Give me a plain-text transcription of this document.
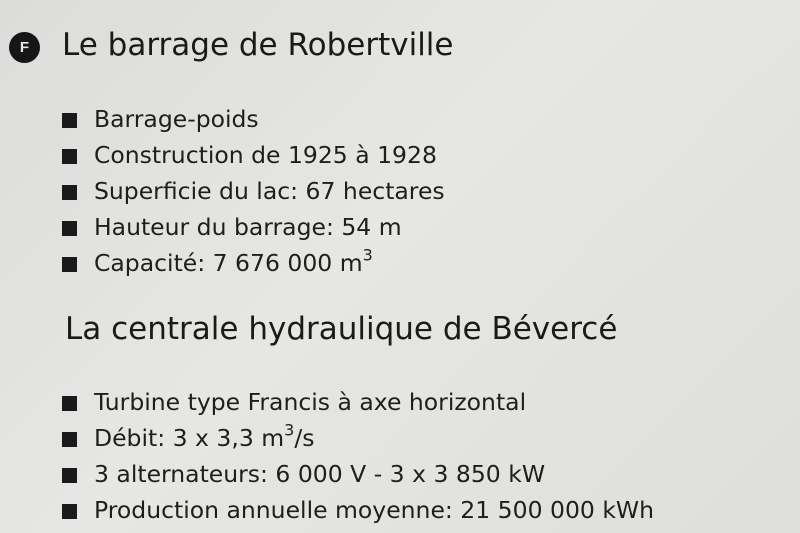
F	Le barrage de Robertville
Barrage-poids
Construction de 1925 à 1928
Superficie du lac: 67 hectares
Hauteur du barrage: 54 m
Capacité: 7 676 000 $m^3$
La centrale hydraulique de Bévercé
Turbine type Francis à axe horizontal
Débit: 3 x 3,3 $m^3/s$
3 alternateurs: 6 000 V - 3 x 3 850 kW
Production annuelle moyenne: 21 500 000 kWh
